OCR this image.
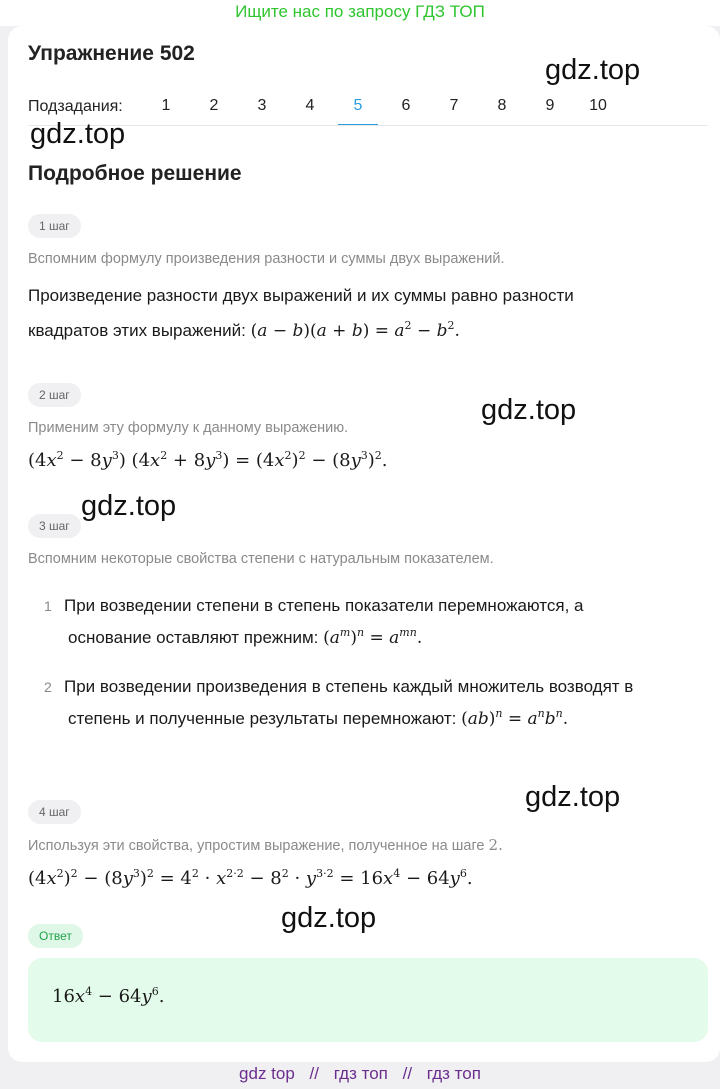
Ищите нас по запросу ГДЗ ТОП
Упражнение 502
Подзадания:	1	2	3	4	5	6	7	8	9	10
Подробное решение
1 шаг
Вспомним формулу произведения разности и суммы двух выражений.
Произведение разности двух выражений и их суммы равно разности
квадратов этих выражений: $(a - b)(a + b) = a^2 - b^2$.
2 шаг
Применим эту формулу к данному выражению.
$(4x^2 - 8y^3) (4x^2 + 8y^3) = (4x^2)^2 - (8y^3)^2$.
3 шаг
Вспомним некоторые свойства степени с натуральным показателем.
1 При возведении степени в степень показатели перемножаются, а
основание оставляют прежним: $(a^m)^n = a^{mn}$.
2 При возведении произведения в степень каждый множитель возводят в
степень и полученные результаты перемножают: $(ab)^n = a^nb^n$.
4 шаг
Используя эти свойства, упростим выражение, полученное на шаге 2.
$(4x^2)^2 - (8y^3)^2 = 4^2 \cdot x^{2\cdot 2} - 8^2 \cdot y^{3\cdot 2} = 16x^4 - 64y^6$.
Ответ
$16x^4 - 64y^6$.
gdz.top
gdz.top
gdz.top
gdz.top
gdz.top
gdz.top
gdz top // гдз топ // гдз топ
